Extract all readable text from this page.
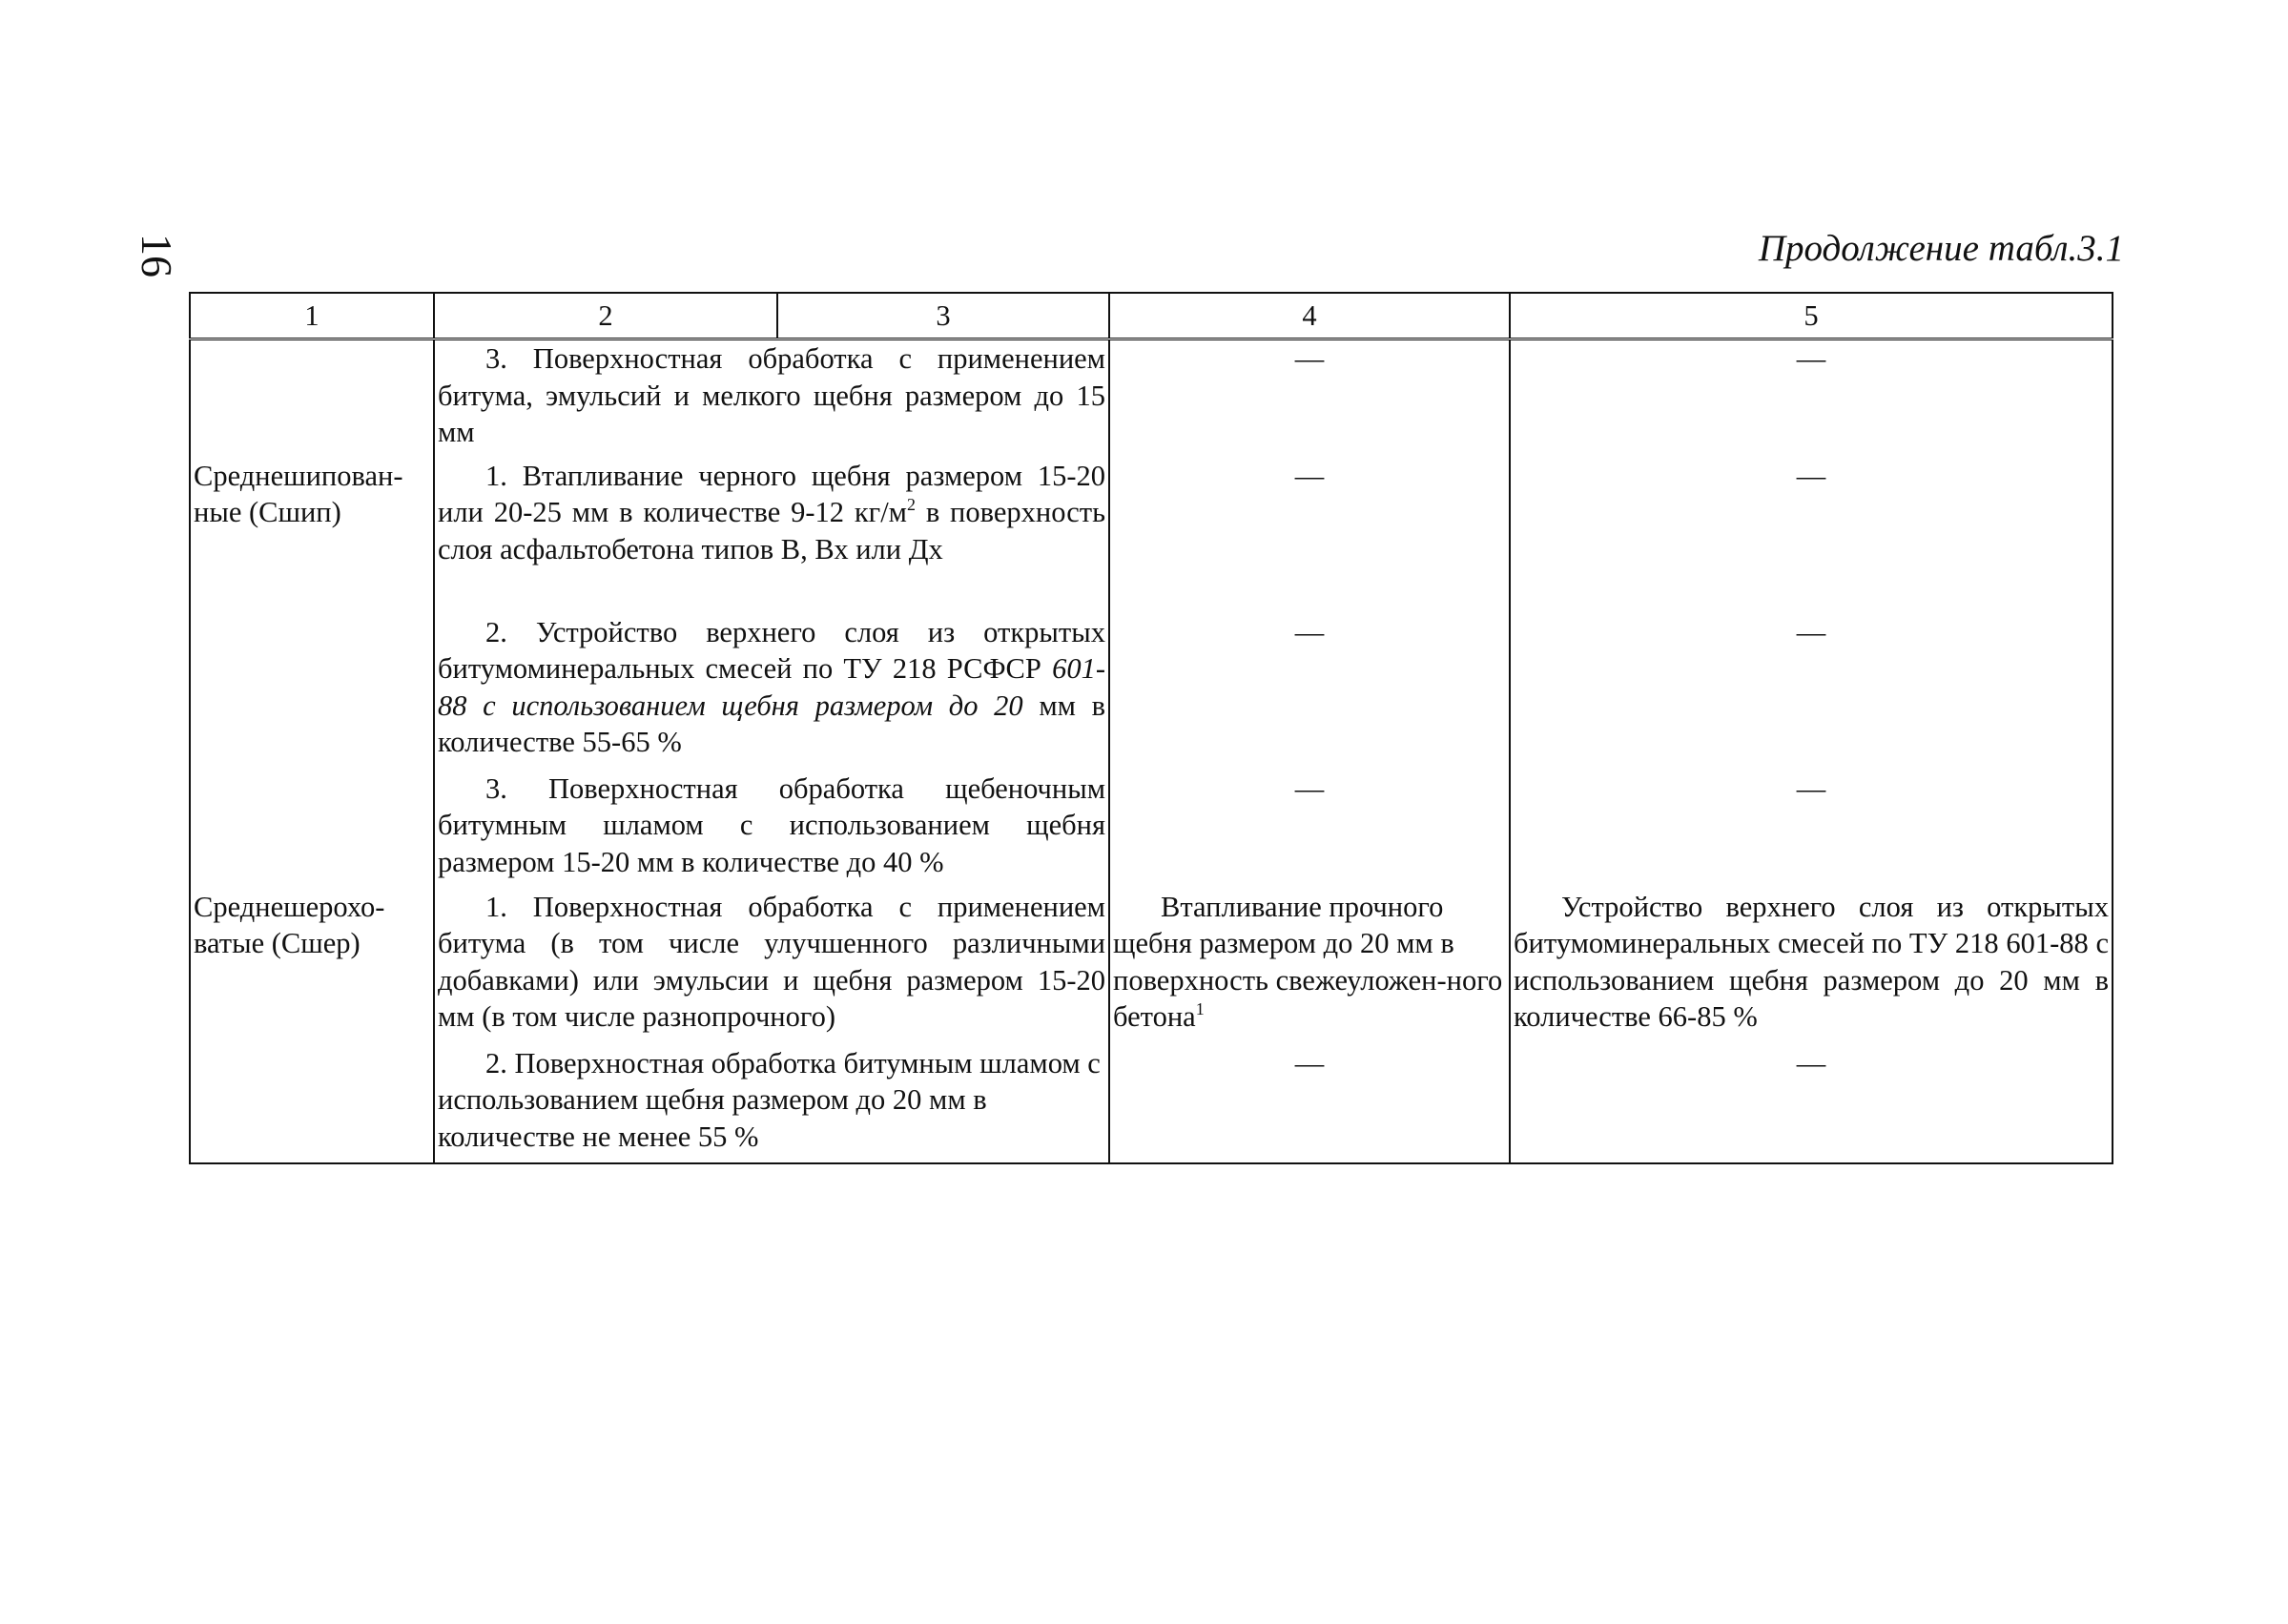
16	Продолжение табл.3.1
1	2	3	4	5
	3. Поверхностная обработка с применением битума, эмульсий и мелкого щебня размером до 15 мм		—	—
Среднешипован-ные (Сшип)	1. Втапливание черного щебня размером 15-20 или 20-25 мм в количестве 9-12 $кг/м^2$ в поверхность слоя асфальтобетона типов В, Вх или Дх		—	—
	2. Устройство верхнего слоя из открытых битумоминеральных смесей по ТУ 218 РСФСР 601-88 с использованием щебня размером до 20 мм в количестве 55-65 %		—	—
	3. Поверхностная обработка щебеночным битумным шламом с использованием щебня размером 15-20 мм в количестве до 40 %		—	—
Среднешерохо-ватые (Сшер)	1. Поверхностная обработка с применением битума (в том числе улучшенного различными добавками) или эмульсии и щебня размером 15-20 мм (в том числе разнопрочного)		Втапливание прочного щебня размером до 20 мм в поверхность свежеуложен-ного бетона$^1$	Устройство верхнего слоя из открытых битумоминеральных смесей по ТУ 218 601-88 с использованием щебня размером до 20 мм в количестве 66-85 %
	2. Поверхностная обработка битумным шламом с использованием щебня размером до 20 мм в количестве не менее 55 %		—	—
